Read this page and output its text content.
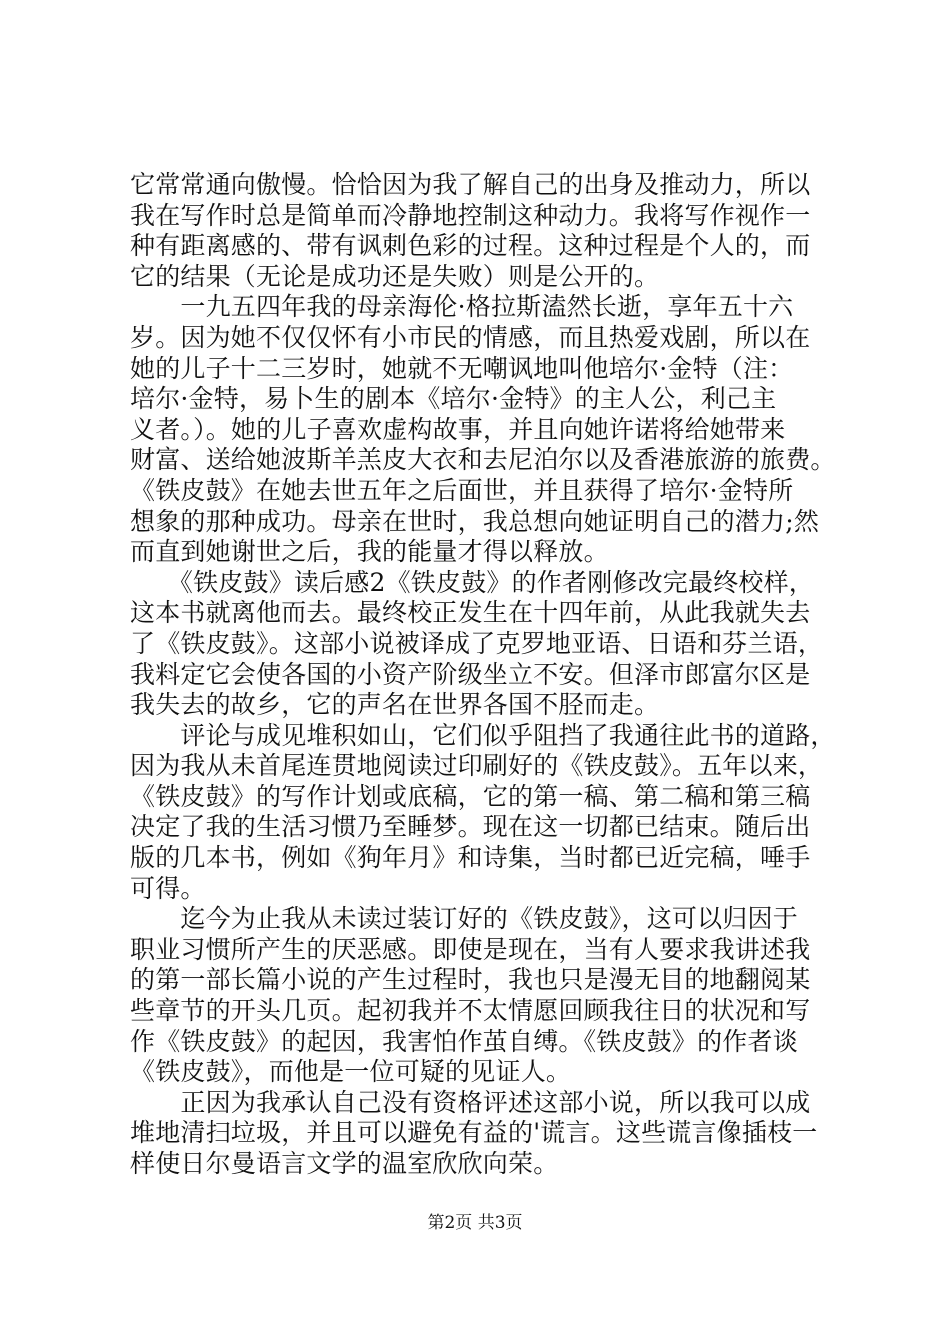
它常常通向傲慢。恰恰因为我了解自己的出身及推动力，所以
我在写作时总是简单而冷静地控制这种动力。我将写作视作一
种有距离感的、带有讽刺色彩的过程。这种过程是个人的，而
它的结果（无论是成功还是失败）则是公开的。
　　一九五四年我的母亲海伦·格拉斯溘然长逝，享年五十六
岁。因为她不仅仅怀有小市民的情感，而且热爱戏剧，所以在
她的儿子十二三岁时，她就不无嘲讽地叫他培尔·金特（注：
培尔·金特，易卜生的剧本《培尔·金特》的主人公，利己主
义者。）。她的儿子喜欢虚构故事，并且向她许诺将给她带来
财富、送给她波斯羊羔皮大衣和去尼泊尔以及香港旅游的旅费。
《铁皮鼓》在她去世五年之后面世，并且获得了培尔·金特所
想象的那种成功。母亲在世时，我总想向她证明自己的潜力;然
而直到她谢世之后，我的能量才得以释放。
　　《铁皮鼓》读后感2《铁皮鼓》的作者刚修改完最终校样，
这本书就离他而去。最终校正发生在十四年前，从此我就失去
了《铁皮鼓》。这部小说被译成了克罗地亚语、日语和芬兰语，
我料定它会使各国的小资产阶级坐立不安。但泽市郎富尔区是
我失去的故乡，它的声名在世界各国不胫而走。
　　评论与成见堆积如山，它们似乎阻挡了我通往此书的道路，
因为我从未首尾连贯地阅读过印刷好的《铁皮鼓》。五年以来，
《铁皮鼓》的写作计划或底稿，它的第一稿、第二稿和第三稿
决定了我的生活习惯乃至睡梦。现在这一切都已结束。随后出
版的几本书，例如《狗年月》和诗集，当时都已近完稿，唾手
可得。
　　迄今为止我从未读过装订好的《铁皮鼓》，这可以归因于
职业习惯所产生的厌恶感。即使是现在，当有人要求我讲述我
的第一部长篇小说的产生过程时，我也只是漫无目的地翻阅某
些章节的开头几页。起初我并不太情愿回顾我往日的状况和写
作《铁皮鼓》的起因，我害怕作茧自缚。《铁皮鼓》的作者谈
《铁皮鼓》，而他是一位可疑的见证人。
　　正因为我承认自己没有资格评述这部小说，所以我可以成
堆地清扫垃圾，并且可以避免有益的'谎言。这些谎言像插枝一
样使日尔曼语言文学的温室欣欣向荣。
第2页 共3页
